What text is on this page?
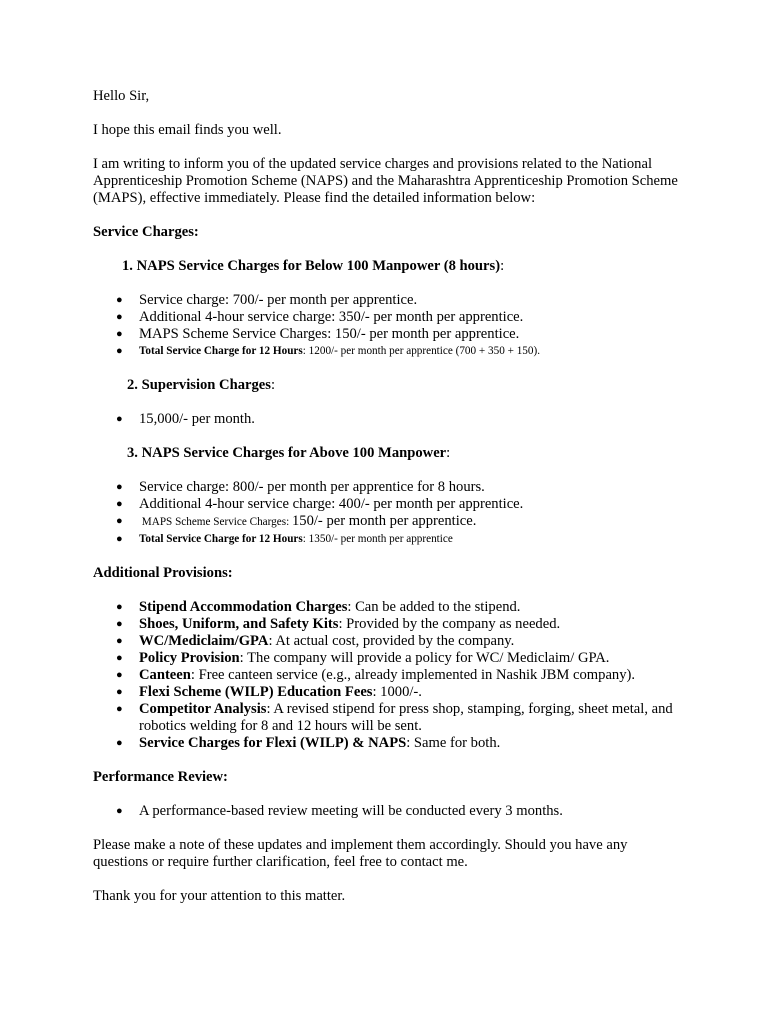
Hello Sir,

I hope this email finds you well.

I am writing to inform you of the updated service charges and provisions related to the National Apprenticeship Promotion Scheme (NAPS) and the Maharashtra Apprenticeship Promotion Scheme (MAPS), effective immediately. Please find the detailed information below:

Service Charges:

1. NAPS Service Charges for Below 100 Manpower (8 hours):

● Service charge: 700/- per month per apprentice.
● Additional 4-hour service charge: 350/- per month per apprentice.
● MAPS Scheme Service Charges: 150/- per month per apprentice.
● Total Service Charge for 12 Hours: 1200/- per month per apprentice (700 + 350 + 150).

2. Supervision Charges:

● 15,000/- per month.

3. NAPS Service Charges for Above 100 Manpower:

● Service charge: 800/- per month per apprentice for 8 hours.
● Additional 4-hour service charge: 400/- per month per apprentice.
● MAPS Scheme Service Charges: 150/- per month per apprentice.
● Total Service Charge for 12 Hours: 1350/- per month per apprentice

Additional Provisions:

● Stipend Accommodation Charges: Can be added to the stipend.
● Shoes, Uniform, and Safety Kits: Provided by the company as needed.
● WC/Mediclaim/GPA: At actual cost, provided by the company.
● Policy Provision: The company will provide a policy for WC/ Mediclaim/ GPA.
● Canteen: Free canteen service (e.g., already implemented in Nashik JBM company).
● Flexi Scheme (WILP) Education Fees: 1000/-.
● Competitor Analysis: A revised stipend for press shop, stamping, forging, sheet metal, and robotics welding for 8 and 12 hours will be sent.
● Service Charges for Flexi (WILP) & NAPS: Same for both.

Performance Review:

● A performance-based review meeting will be conducted every 3 months.

Please make a note of these updates and implement them accordingly. Should you have any questions or require further clarification, feel free to contact me.

Thank you for your attention to this matter.
